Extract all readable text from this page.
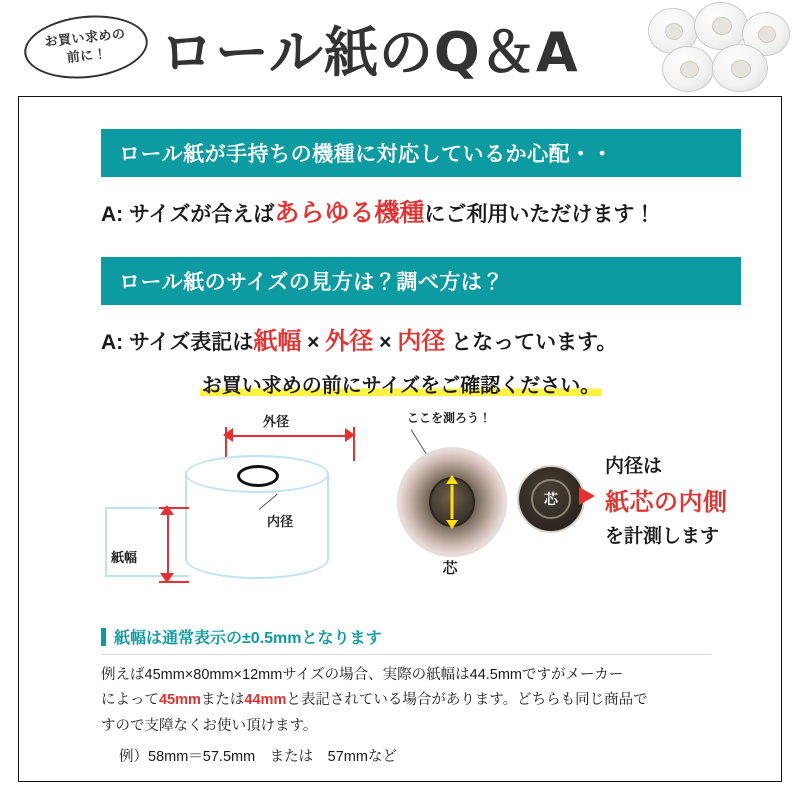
お買い求めの
前に！ ロール紙のQ＆A
ロール紙が手持ちの機種に対応しているか心配・・
A: サイズが合えばあらゆる機種にご利用いただけます！
ロール紙のサイズの見方は？調べ方は？
A: サイズ表記は紙幅 × 外径 × 内径 となっています。
お買い求めの前にサイズをご確認ください。
外径
内径
紙幅
ここを測ろう！
芯
芯
内径は
紙芯の内側
を計測します
紙幅は通常表示の±0.5mmとなります
例えば45mm×80mm×12mmサイズの場合、実際の紙幅は44.5mmですがメーカー
によって45mmまたは44mmと表記されている場合があります。どちらも同じ商品で
すので支障なくお使い頂けます。
例）58mm＝57.5mm　または　57mmなど
